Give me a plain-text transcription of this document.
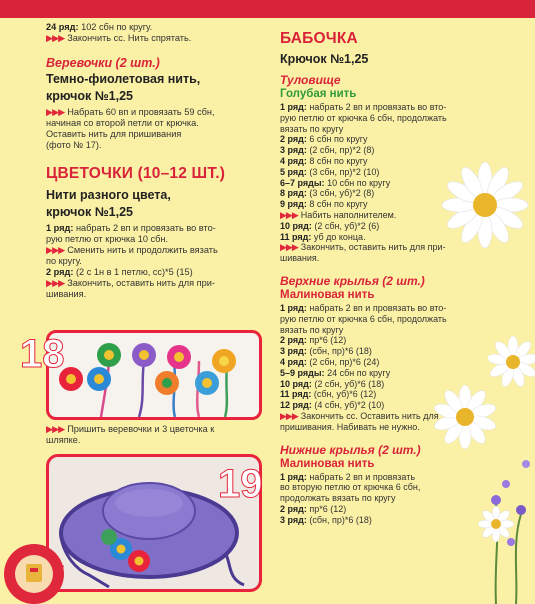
24 ряд: 102 сбн по кругу.
▶▶▶ Закончить сс. Нить спрятать.
Веревочки (2 шт.)
Темно-фиолетовая нить,
крючок №1,25
▶▶▶ Набрать 60 вп и провязать 59 сбн,
начиная со второй петли от крючка.
Оставить нить для пришивания
(фото № 17).
ЦВЕТОЧКИ (10–12 ШТ.)
Нити разного цвета,
крючок №1,25
1 ряд: набрать 2 вп и провязать во вто-
рую петлю от крючка 10 сбн.
▶▶▶ Сменить нить и продолжить вязать
по кругу.
2 ряд: (2 с 1н в 1 петлю, сс)*5 (15)
▶▶▶ Закончить, оставить нить для при-
шивания.
18
▶▶▶ Пришить веревочки и 3 цветочка к
шляпке.
19
БАБОЧКА
Крючок №1,25
Туловище
Голубая нить
1 ряд: набрать 2 вп и провязать во вто-
рую петлю от крючка 6 сбн, продолжать
вязать по кругу
2 ряд: 6 сбн по кругу
3 ряд: (2 сбн, пр)*2 (8)
4 ряд: 8 сбн по кругу
5 ряд: (3 сбн, пр)*2 (10)
6–7 ряды: 10 сбн по кругу
8 ряд: (3 сбн, уб)*2 (8)
9 ряд: 8 сбн по кругу
▶▶▶ Набить наполнителем.
10 ряд: (2 сбн, уб)*2 (6)
11 ряд: уб до конца.
▶▶▶ Закончить, оставить нить для при-
шивания.
Верхние крылья (2 шт.)
Малиновая нить
1 ряд: набрать 2 вп и провязать во вто-
рую петлю от крючка 6 сбн, продолжать
вязать по кругу
2 ряд: пр*6 (12)
3 ряд: (сбн, пр)*6 (18)
4 ряд: (2 сбн, пр)*6 (24)
5–9 ряды: 24 сбн по кругу
10 ряд: (2 сбн, уб)*6 (18)
11 ряд: (сбн, уб)*6 (12)
12 ряд: (4 сбн, уб)*2 (10)
▶▶▶ Закончить сс. Оставить нить для
пришивания. Набивать не нужно.
Нижние крылья (2 шт.)
Малиновая нить
1 ряд: набрать 2 вп и провязать
во вторую петлю от крючка 6 сбн,
продолжать вязать по кругу
2 ряд: пр*6 (12)
3 ряд: (сбн, пр)*6 (18)
